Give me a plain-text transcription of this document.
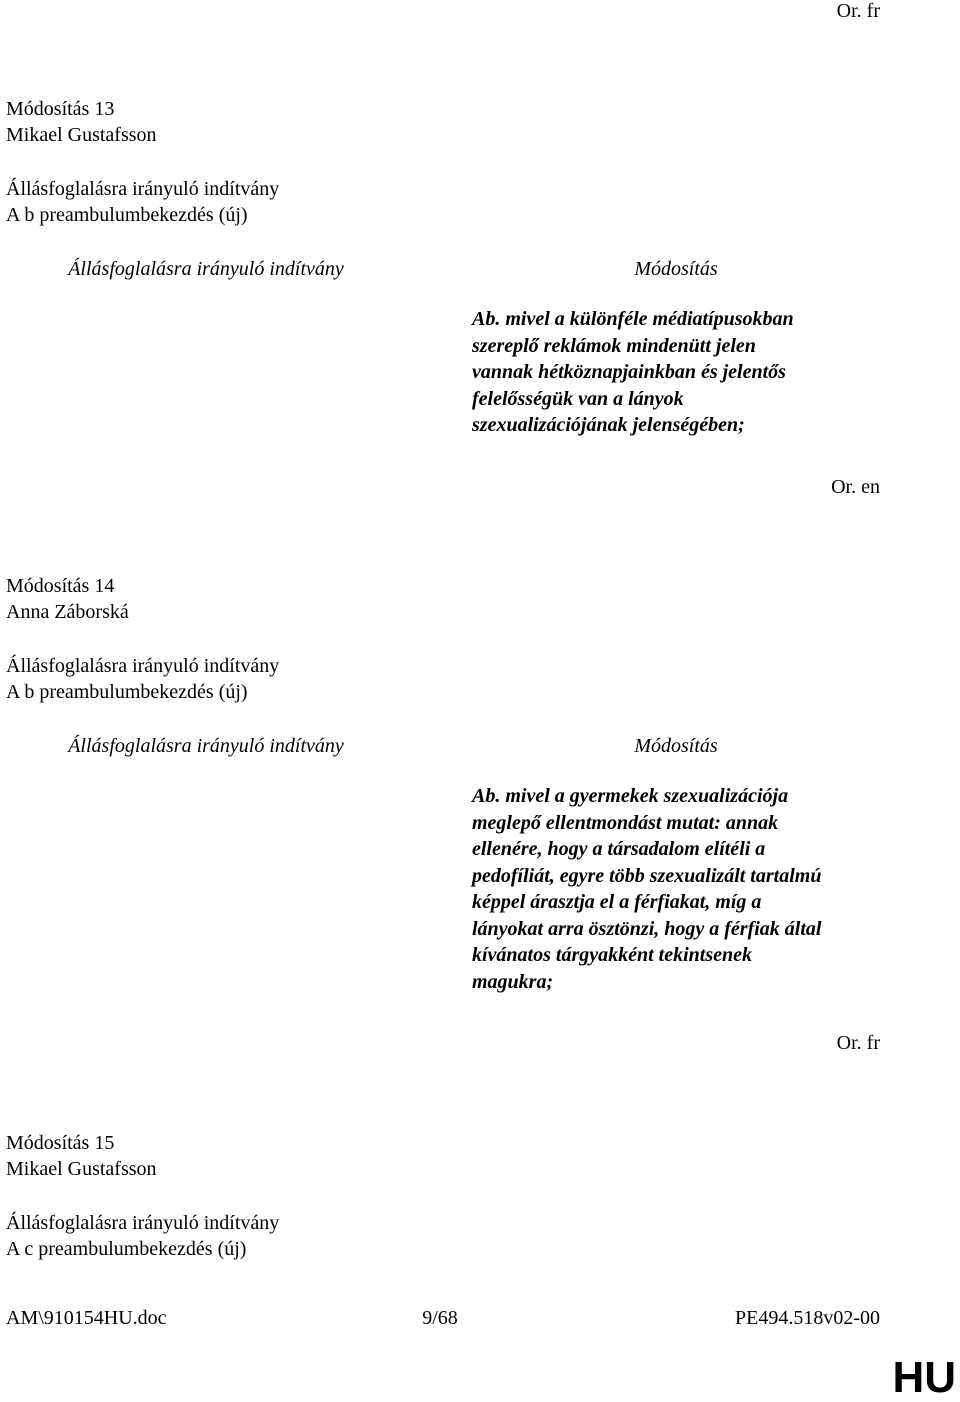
Or. fr
Módosítás 13
Mikael Gustafsson
Állásfoglalásra irányuló indítvány
A b preambulumbekezdés (új)
Állásfoglalásra irányuló indítvány	Módosítás
Ab. mivel a különféle médiatípusokban
szereplő reklámok mindenütt jelen
vannak hétköznapjainkban és jelentős
felelősségük van a lányok
szexualizációjának jelenségében;
Or. en
Módosítás 14
Anna Záborská
Állásfoglalásra irányuló indítvány
A b preambulumbekezdés (új)
Állásfoglalásra irányuló indítvány	Módosítás
Ab. mivel a gyermekek szexualizációja
meglepő ellentmondást mutat: annak
ellenére, hogy a társadalom elítéli a
pedofíliát, egyre több szexualizált tartalmú
képpel árasztja el a férfiakat, míg a
lányokat arra ösztönzi, hogy a férfiak által
kívánatos tárgyakként tekintsenek
magukra;
Or. fr
Módosítás 15
Mikael Gustafsson
Állásfoglalásra irányuló indítvány
A c preambulumbekezdés (új)
AM\910154HU.doc	9/68	PE494.518v02-00
HU
